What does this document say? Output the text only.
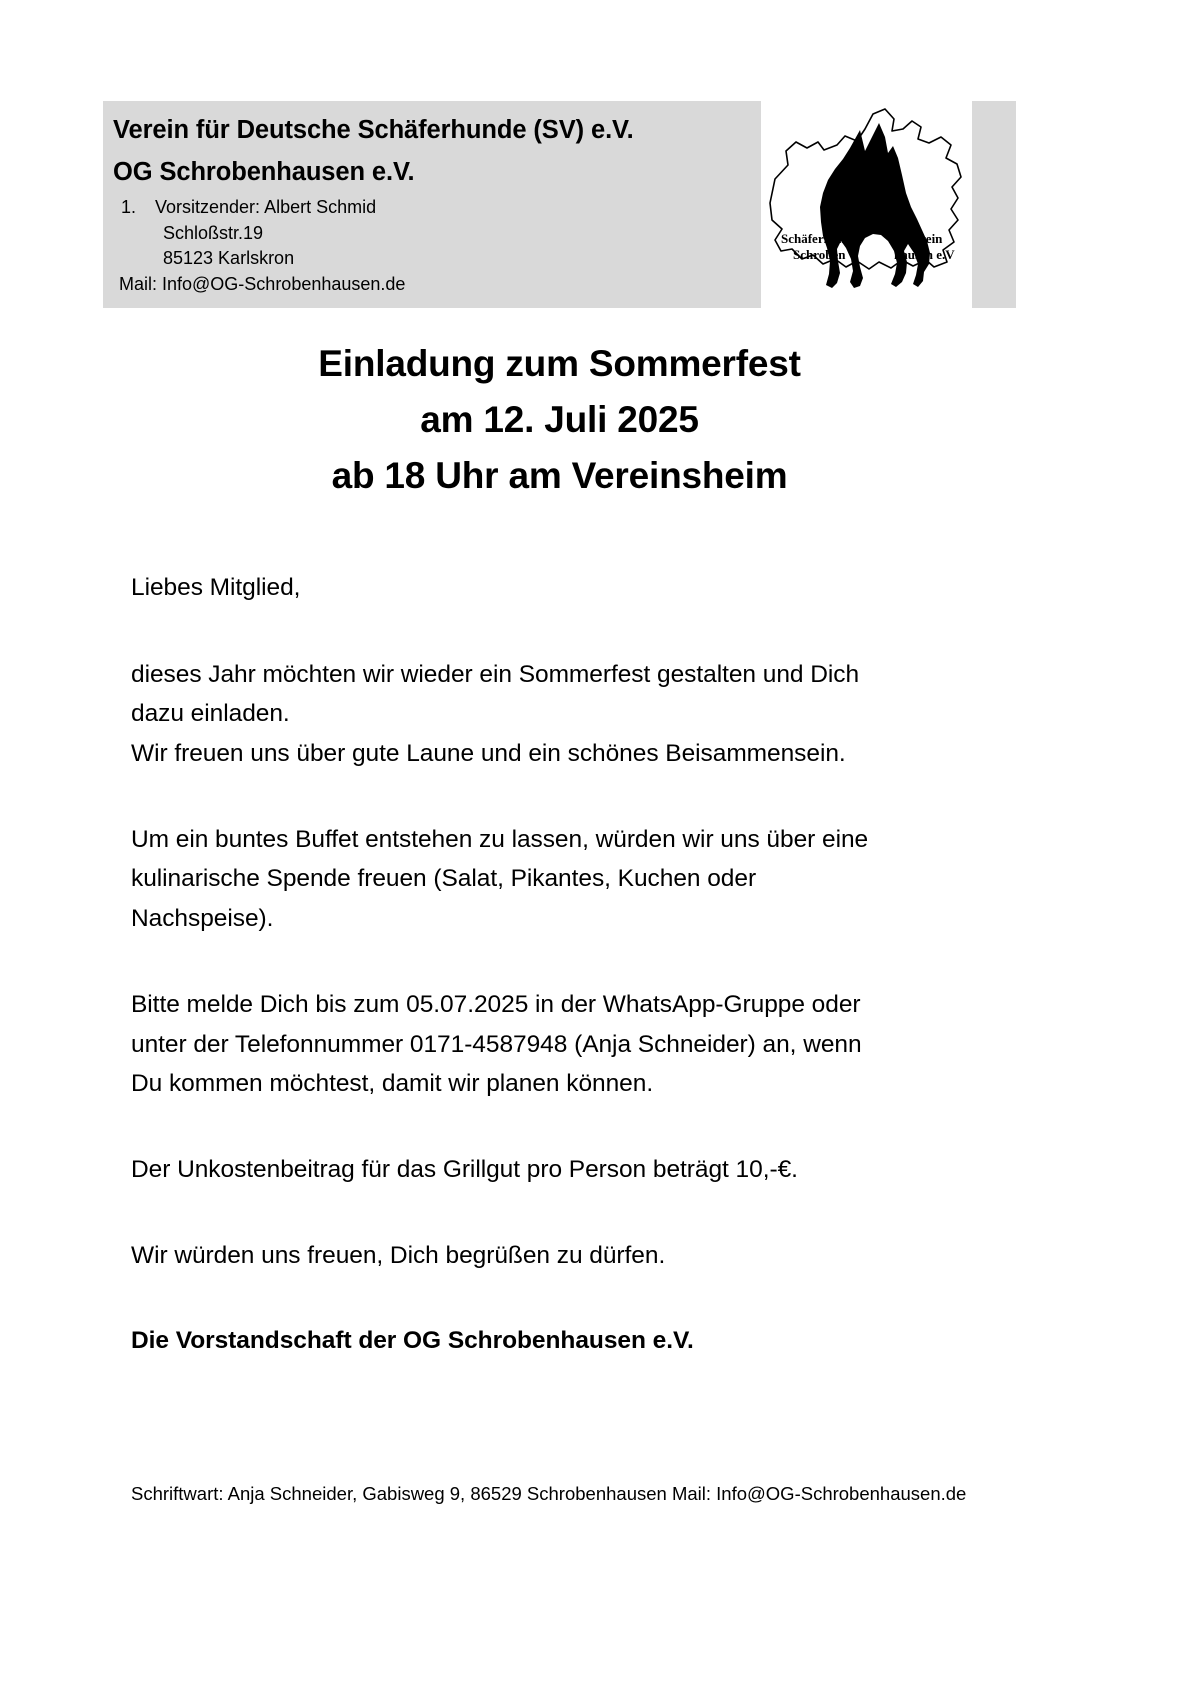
Verein für Deutsche Schäferhunde (SV) e.V.
OG Schrobenhausen e.V.
1.	Vorsitzender: Albert Schmid
Schloßstr.19
85123 Karlskron
Mail: Info@OG-Schrobenhausen.de
Schäferhund	verein
Schroben	hausen e.V
Einladung zum Sommerfest
am 12. Juli 2025
ab 18 Uhr am Vereinsheim

Liebes Mitglied,

dieses Jahr möchten wir wieder ein Sommerfest gestalten und Dich

dazu einladen.

Wir freuen uns über gute Laune und ein schönes Beisammensein.

Um ein buntes Buffet entstehen zu lassen, würden wir uns über eine

kulinarische Spende freuen (Salat, Pikantes, Kuchen oder

Nachspeise).

Bitte melde Dich bis zum 05.07.2025 in der WhatsApp-Gruppe oder

unter der Telefonnummer 0171-4587948 (Anja Schneider) an, wenn

Du kommen möchtest, damit wir planen können.

Der Unkostenbeitrag für das Grillgut pro Person beträgt 10,-€.

Wir würden uns freuen, Dich begrüßen zu dürfen.

Die Vorstandschaft der OG Schrobenhausen e.V.

Schriftwart: Anja Schneider, Gabisweg 9, 86529 Schrobenhausen Mail: Info@OG-Schrobenhausen.de
